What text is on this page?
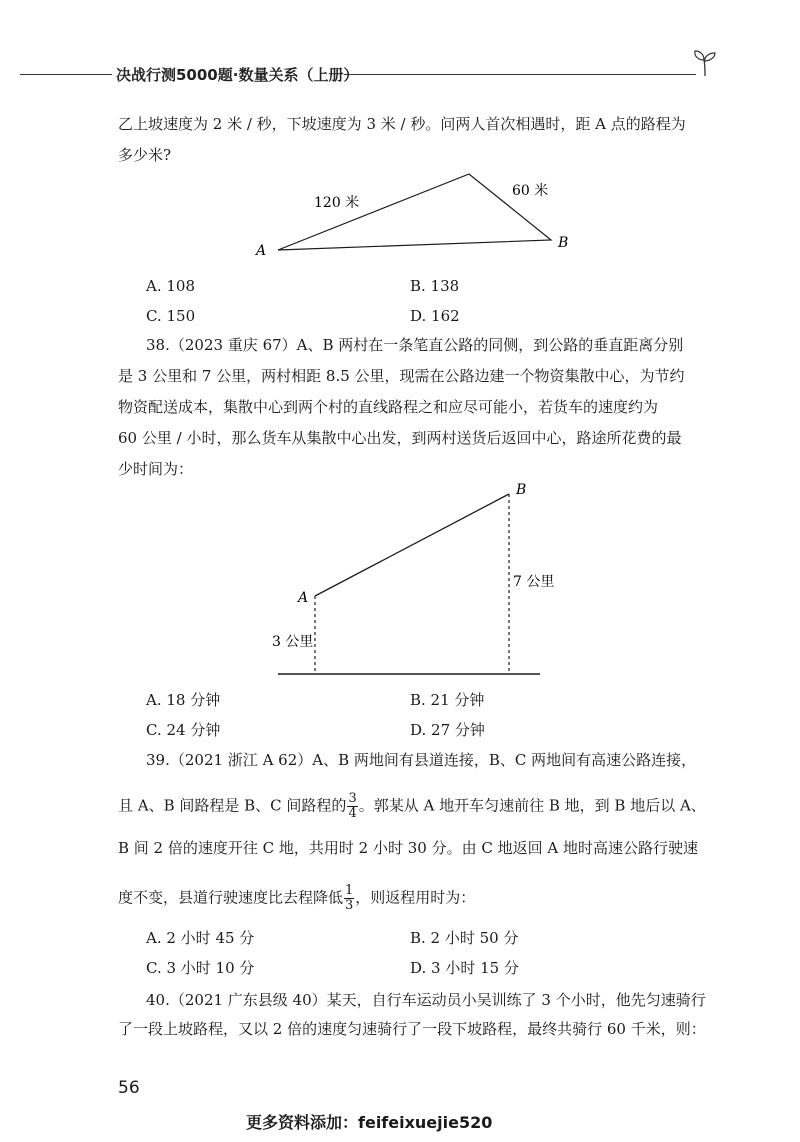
决战行测5000题·数量关系（上册）
乙上坡速度为 2 米 / 秒，下坡速度为 3 米 / 秒。问两人首次相遇时，距 A 点的路程为
多少米?
120 米
60 米
A	B
A. 108	B. 138
C. 150	D. 162
38.（2023 重庆 67）A、B 两村在一条笔直公路的同侧，到公路的垂直距离分别
是 3 公里和 7 公里，两村相距 8.5 公里，现需在公路边建一个物资集散中心，为节约
物资配送成本，集散中心到两个村的直线路程之和应尽可能小，若货车的速度约为
60 公里 / 小时，那么货车从集散中心出发，到两村送货后返回中心，路途所花费的最
少时间为：
A
B
3 公里
7 公里
A. 18 分钟	B. 21 分钟
C. 24 分钟	D. 27 分钟
39.（2021 浙江 A 62）A、B 两地间有县道连接，B、C 两地间有高速公路连接，
且 A、B 间路程是 B、C 间路程的 $\frac{3}{4}$ 。郭某从 A 地开车匀速前往 B 地，到 B 地后以 A、
B 间 2 倍的速度开往 C 地，共用时 2 小时 30 分。由 C 地返回 A 地时高速公路行驶速
度不变，县道行驶速度比去程降低 $\frac{1}{3}$ ，则返程用时为：
A. 2 小时 45 分	B. 2 小时 50 分
C. 3 小时 10 分	D. 3 小时 15 分
40.（2021 广东县级 40）某天，自行车运动员小吴训练了 3 个小时，他先匀速骑行
了一段上坡路程，又以 2 倍的速度匀速骑行了一段下坡路程，最终共骑行 60 千米，则：
56
更多资料添加：feifeixuejie520
